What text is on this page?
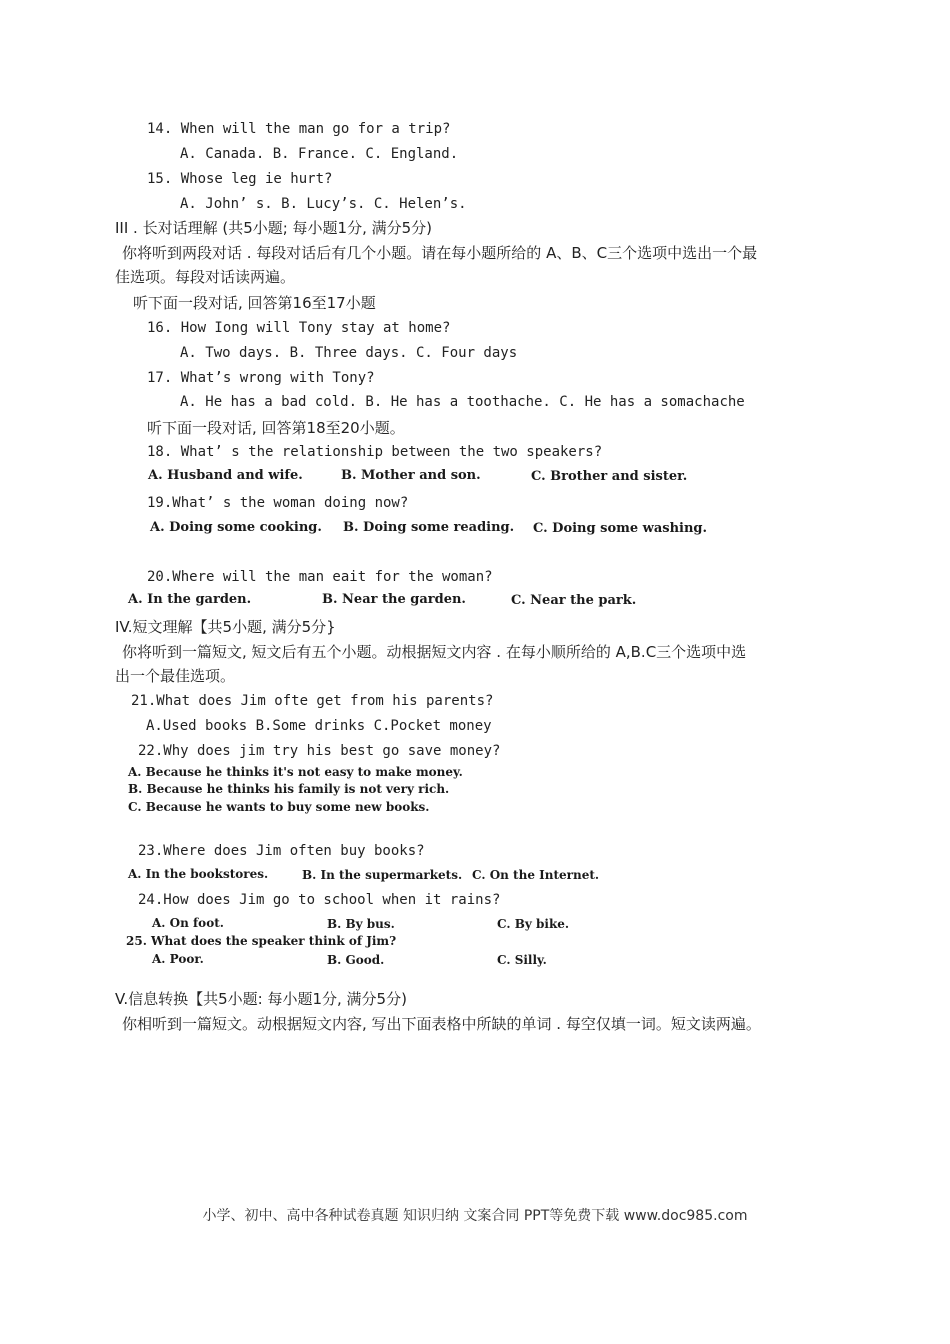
14. When will the man go for a trip?
A. Canada. B. France. C. England.
15. Whose leg ie hurt?
A. John’ s. B. Lucy’s. C. Helen’s.
III . 长对话理解 (共5小题; 每小题1分, 满分5分)
你将听到两段对话 . 每段对话后有几个小题。请在每小题所给的 A、B、C三个选项中选出一个最
佳选项。每段对话读两遍。
听下面一段对话, 回答第16至17小题
16. How Iong will Tony stay at home?
A. Two days. B. Three days. C. Four days
17. What’s wrong with Tony?
A. He has a bad cold. B. He has a toothache. C. He has a somachache
听下面一段对话, 回答第18至20小题。
18. What’ s the relationship between the two speakers?
A. Husband and wife.	B. Mother and son.	C. Brother and sister.
19.What’ s the woman doing now?
A. Doing some cooking. B. Doing some reading. C. Doing some washing.
20.Where will the man eait for the woman?
A. In the garden.	B. Near the garden.	C. Near the park.
IV.短文理解【共5小题, 满分5分}
你将听到一篇短文, 短文后有五个小题。动根据短文内容 . 在每小顺所给的 A,B.C三个选项中选
出一个最佳选项。
21.What does Jim ofte get from his parents?
A.Used books B.Some drinks C.Pocket money
22.Why does jim try his best go save money?
A. Because he thinks it's not easy to make money.
B. Because he thinks his family is not very rich.
C. Because he wants to buy some new books.
23.Where does Jim often buy books?
A. In the bookstores.	B. In the supermarkets. C. On the Internet.
24.How does Jim go to school when it rains?
A. On foot.	B. By bus.	C. By bike.
25. What does the speaker think of Jim?
A. Poor.	B. Good.	C. Silly.
V.信息转换【共5小题: 每小题1分, 满分5分)
你相听到一篇短文。动根据短文内容, 写出下面表格中所缺的单词 . 每空仅填一词。短文读两遍。
小学、初中、高中各种试卷真题 知识归纳 文案合同 PPT等免费下载 www.doc985.com
